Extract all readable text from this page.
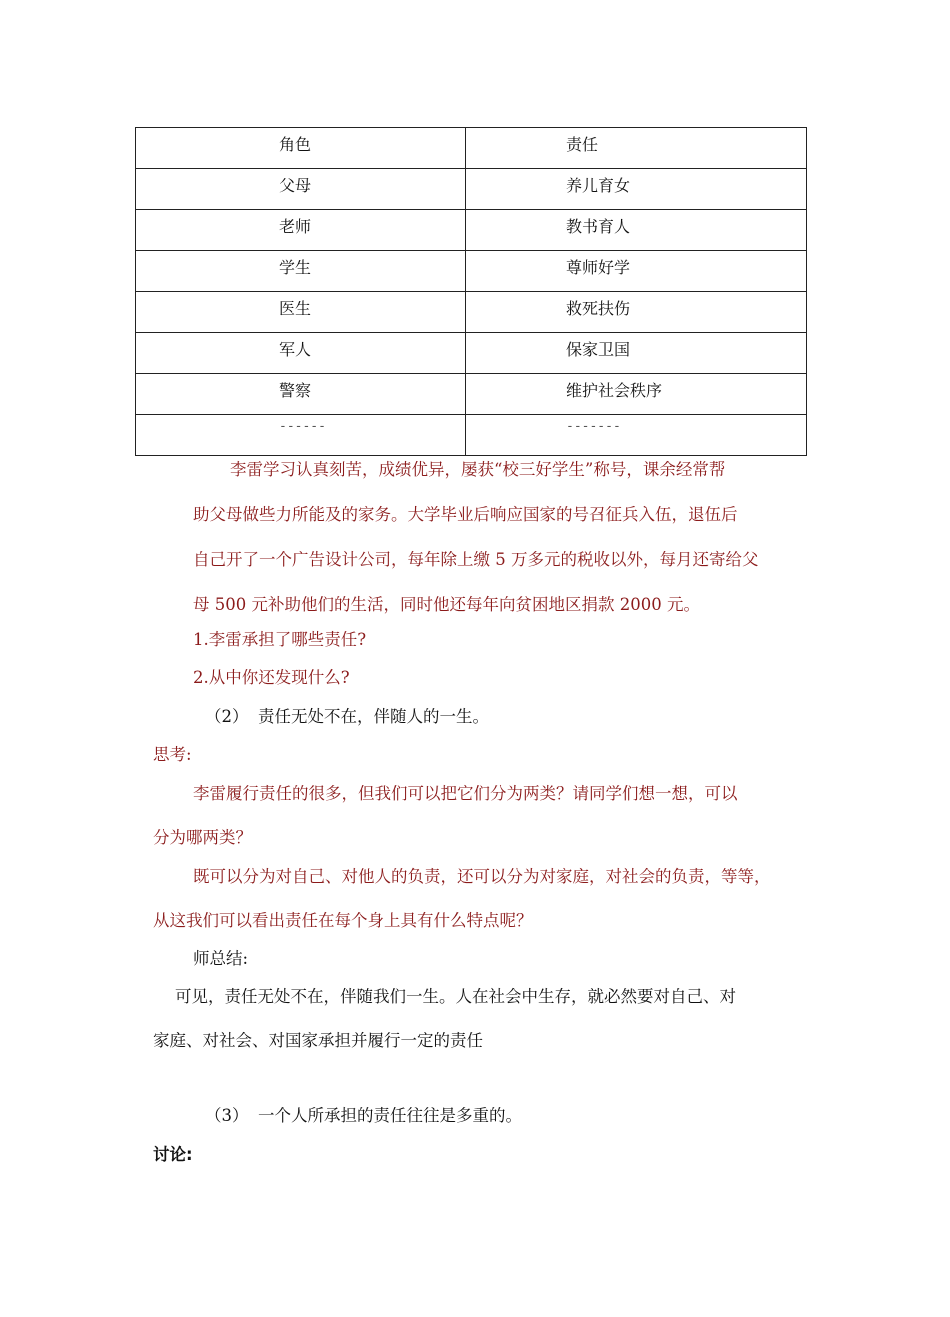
角色	责任
父母	养儿育女
老师	教书育人
学生	尊师好学
医生	救死扶伤
军人	保家卫国
警察	维护社会秩序
------	-------
李雷学习认真刻苦，成绩优异，屡获“校三好学生”称号，课余经常帮
助父母做些力所能及的家务。大学毕业后响应国家的号召征兵入伍，退伍后
自己开了一个广告设计公司，每年除上缴 5 万多元的税收以外，每月还寄给父
母 500 元补助他们的生活，同时他还每年向贫困地区捐款 2000 元。
1.李雷承担了哪些责任?
2.从中你还发现什么?
（2） 责任无处不在，伴随人的一生。
思考:
李雷履行责任的很多，但我们可以把它们分为两类？请同学们想一想，可以
分为哪两类？
既可以分为对自己、对他人的负责，还可以分为对家庭，对社会的负责，等等，
从这我们可以看出责任在每个身上具有什么特点呢？
师总结:
可见，责任无处不在，伴随我们一生。人在社会中生存，就必然要对自己、对
家庭、对社会、对国家承担并履行一定的责任
（3） 一个人所承担的责任往往是多重的。
讨论:
